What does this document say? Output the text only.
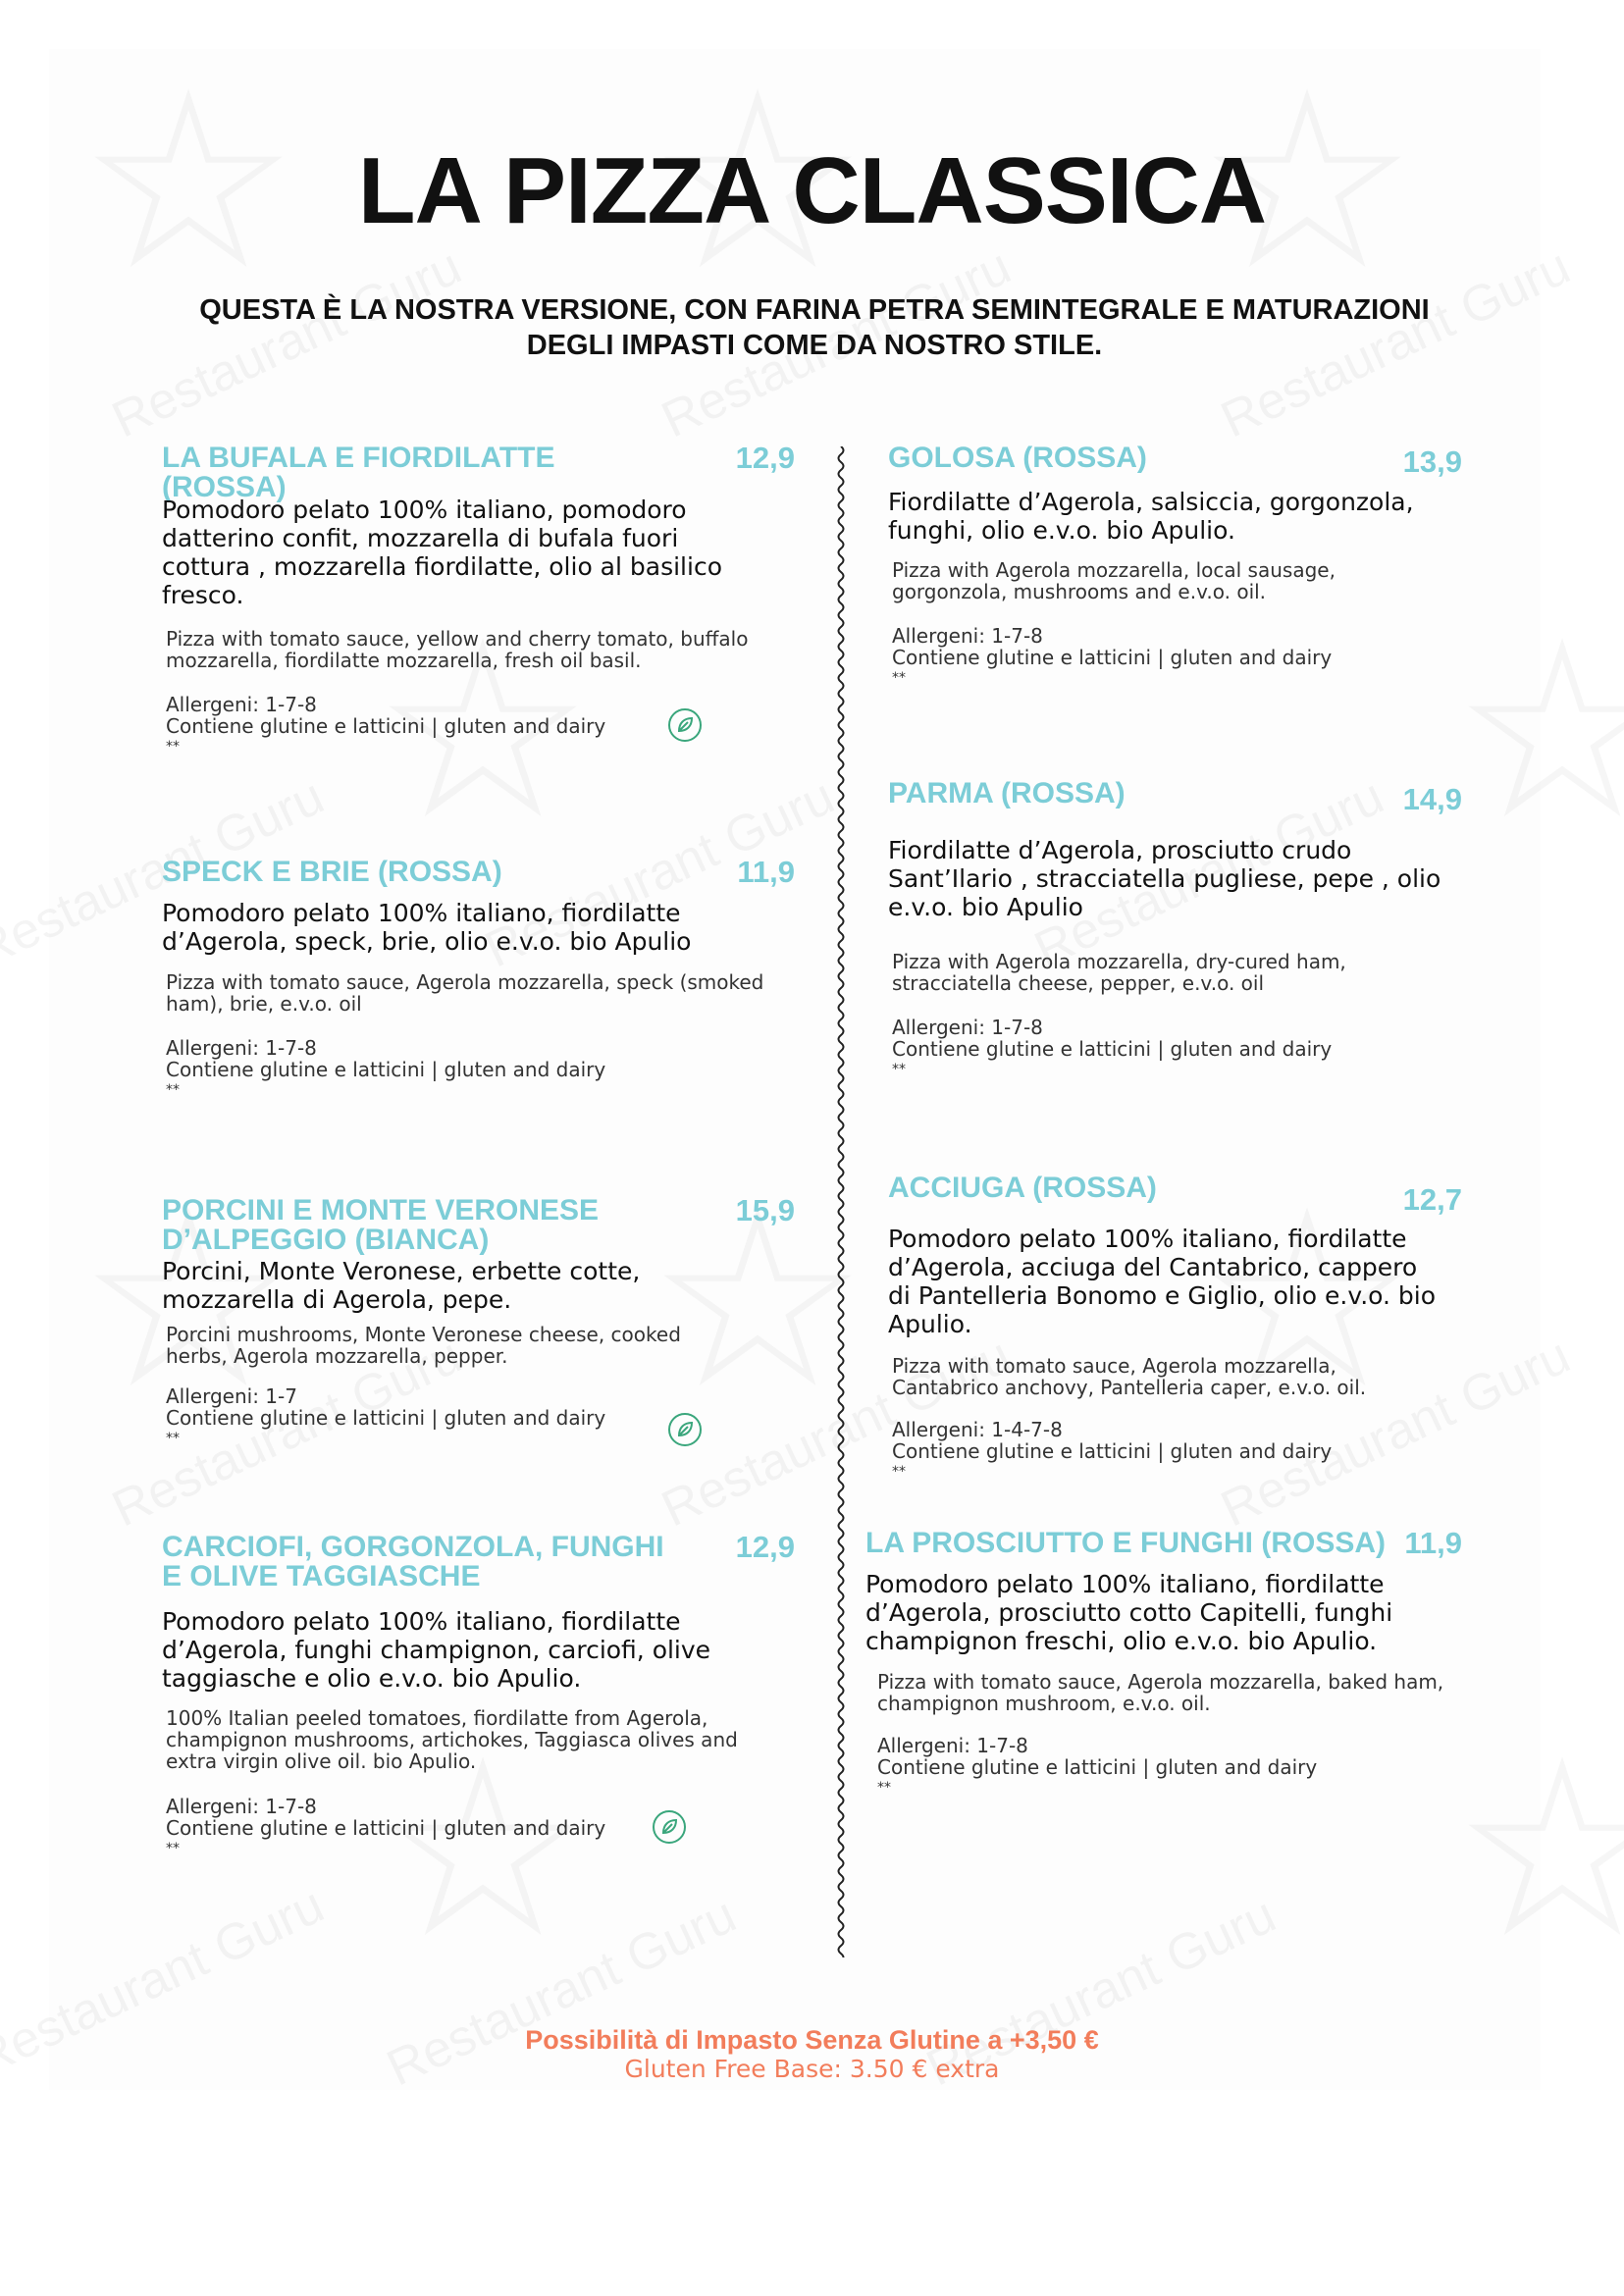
LA PIZZA CLASSICA
QUESTA È LA NOSTRA VERSIONE, CON FARINA PETRA SEMINTEGRALE E MATURAZIONI
DEGLI IMPASTI COME DA NOSTRO STILE.
LA BUFALA E FIORDILATTE (ROSSA)
12,9
Pomodoro pelato 100% italiano, pomodoro datterino confit, mozzarella di bufala fuori cottura , mozzarella fiordilatte, olio al basilico fresco.
Pizza with tomato sauce, yellow and cherry tomato, buffalo mozzarella, fiordilatte mozzarella, fresh oil basil.
Allergeni: 1-7-8
Contiene glutine e latticini | gluten and dairy
**
SPECK E BRIE (ROSSA)	11,9
Pomodoro pelato 100% italiano, fiordilatte d’Agerola, speck, brie, olio e.v.o. bio Apulio
Pizza with tomato sauce, Agerola mozzarella, speck (smoked ham), brie, e.v.o. oil
Allergeni: 1-7-8
Contiene glutine e latticini | gluten and dairy
**
PORCINI E MONTE VERONESE D’ALPEGGIO (BIANCA)
15,9
Porcini, Monte Veronese, erbette cotte, mozzarella di Agerola, pepe.
Porcini mushrooms, Monte Veronese cheese, cooked herbs, Agerola mozzarella, pepper.
Allergeni: 1-7
Contiene glutine e latticini | gluten and dairy
**
CARCIOFI, GORGONZOLA, FUNGHI E OLIVE TAGGIASCHE
12,9
Pomodoro pelato 100% italiano, fiordilatte d’Agerola, funghi champignon, carciofi, olive taggiasche e olio e.v.o. bio Apulio.
100% Italian peeled tomatoes, fiordilatte from Agerola, champignon mushrooms, artichokes, Taggiasca olives and extra virgin olive oil. bio Apulio.
Allergeni: 1-7-8
Contiene glutine e latticini | gluten and dairy
**
GOLOSA (ROSSA)	13,9
Fiordilatte d’Agerola, salsiccia, gorgonzola, funghi, olio e.v.o. bio Apulio.
Pizza with Agerola mozzarella, local sausage, gorgonzola, mushrooms and e.v.o. oil.
Allergeni: 1-7-8
Contiene glutine e latticini | gluten and dairy
**
PARMA (ROSSA)	14,9
Fiordilatte d’Agerola, prosciutto crudo Sant’Ilario , stracciatella pugliese, pepe , olio e.v.o. bio Apulio
Pizza with Agerola mozzarella, dry-cured ham, stracciatella cheese, pepper, e.v.o. oil
Allergeni: 1-7-8
Contiene glutine e latticini | gluten and dairy
**
ACCIUGA (ROSSA)	12,7
Pomodoro pelato 100% italiano, fiordilatte d’Agerola, acciuga del Cantabrico, cappero di Pantelleria Bonomo e Giglio, olio e.v.o. bio Apulio.
Pizza with tomato sauce, Agerola mozzarella, Cantabrico anchovy, Pantelleria caper, e.v.o. oil.
Allergeni: 1-4-7-8
Contiene glutine e latticini | gluten and dairy
**
LA PROSCIUTTO E FUNGHI (ROSSA) 11,9
Pomodoro pelato 100% italiano, fiordilatte d’Agerola, prosciutto cotto Capitelli, funghi champignon freschi, olio e.v.o. bio Apulio.
Pizza with tomato sauce, Agerola mozzarella, baked ham, champignon mushroom, e.v.o. oil.
Allergeni: 1-7-8
Contiene glutine e latticini | gluten and dairy
**
Possibilità di Impasto Senza Glutine a +3,50 €
Gluten Free Base: 3.50 € extra
